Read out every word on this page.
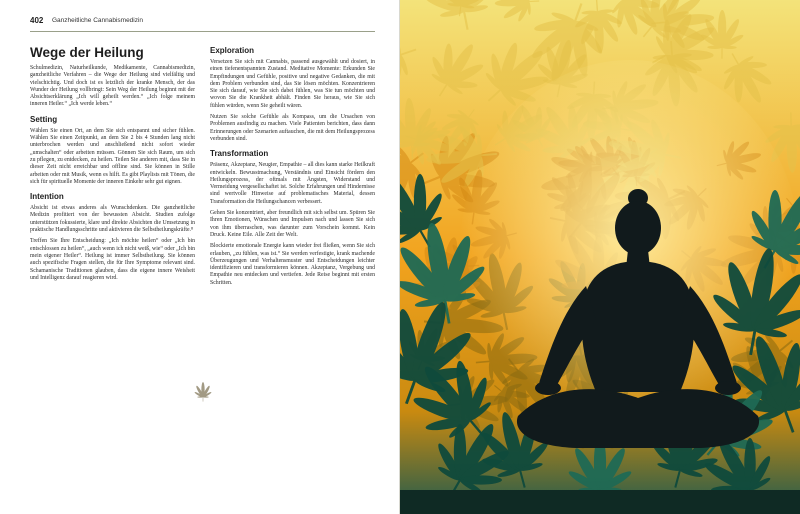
402 Ganzheitliche Cannabismedizin
Wege der Heilung

Schulmedizin, Naturheilkunde, Medikamente, Cannabismedizin, ganzheitliche Verfahren – die Wege der Heilung sind vielfältig und vielschichtig. Und doch ist es letztlich der kranke Mensch, der das Wunder der Heilung vollbringt: Sein Weg der Heilung beginnt mit der Absichtserklärung „Ich will geheilt werden.“ „Ich folge meinem inneren Heiler.“ „Ich werde leben.“

Setting

Wählen Sie einen Ort, an dem Sie sich entspannt und sicher fühlen. Wählen Sie einen Zeitpunkt, an dem Sie 2 bis 4 Stunden lang nicht unterbrochen werden und anschließend nicht sofort wieder „umschalten“ oder arbeiten müssen. Gönnen Sie sich Raum, um sich zu pflegen, zu entdecken, zu heilen. Teilen Sie anderen mit, dass Sie in dieser Zeit nicht erreichbar und offline sind. Sie können in Stille arbeiten oder mit Musik, wenn es hilft. Es gibt Playlists mit Tönen, die sich für spirituelle Momente der inneren Einkehr sehr gut eignen.

Intention

Absicht ist etwas anderes als Wunschdenken. Die ganzheitliche Medizin profitiert von der bewussten Absicht. Studien zufolge unterstützen fokussierte, klare und direkte Absichten die Umsetzung in praktische Handlungsschritte und aktivieren die Selbstheilungskräfte.⁸

Treffen Sie Ihre Entscheidung: „Ich möchte heilen“ oder „Ich bin entschlossen zu heilen“, „auch wenn ich nicht weiß, wie“ oder „Ich bin mein eigener Heiler“. Heilung ist immer Selbstheilung. Sie können auch spezifische Fragen stellen, die für Ihre Symptome relevant sind. Schamanische Traditionen glauben, dass die eigene innere Weisheit und Intelligenz darauf reagieren wird.

Exploration

Versetzen Sie sich mit Cannabis, passend ausgewählt und dosiert, in einen tiefenentspannten Zustand. Meditative Momente: Erkunden Sie Empfindungen und Gefühle, positive und negative Gedanken, die mit dem Problem verbunden sind, das Sie lösen möchten. Konzentrieren Sie sich darauf, wie Sie sich dabei fühlen, was Sie tun möchten und wovon Sie die Krankheit abhält. Finden Sie heraus, wie Sie sich fühlen würden, wenn Sie geheilt wären.

Nutzen Sie solche Gefühle als Kompass, um die Ursachen von Problemen ausfindig zu machen. Viele Patienten berichten, dass dann Erinnerungen oder Szenarien auftauchen, die mit dem Heilungsprozess verbunden sind.

Transformation

Präsenz, Akzeptanz, Neugier, Empathie – all dies kann starke Heilkraft entwickeln. Bewusstmachung, Verständnis und Einsicht fördern den Heilungsprozess, der oftmals mit Ängsten, Widerstand und Vermeidung vergesellschaftet ist. Solche Erfahrungen und Hindernisse sind wertvolle Hinweise auf problematisches Material, dessen Transformation die Heilungschancen verbessert.

Gehen Sie konzentriert, aber freundlich mit sich selbst um. Spüren Sie Ihren Emotionen, Wünschen und Impulsen nach und lassen Sie sich von ihm überraschen, was darunter zum Vorschein kommt. Kein Druck. Keine Eile. Alle Zeit der Welt.

Blockierte emotionale Energie kann wieder frei fließen, wenn Sie sich erlauben, „zu fühlen, was ist.“ Sie werden verfestigte, krank machende Überzeugungen und Verhaltensmuster und Entscheidungen leichter identifizieren und transformieren können. Akzeptanz, Vergebung und Empathie neu entdecken und vertiefen. Jede Reise beginnt mit ersten Schritten.
